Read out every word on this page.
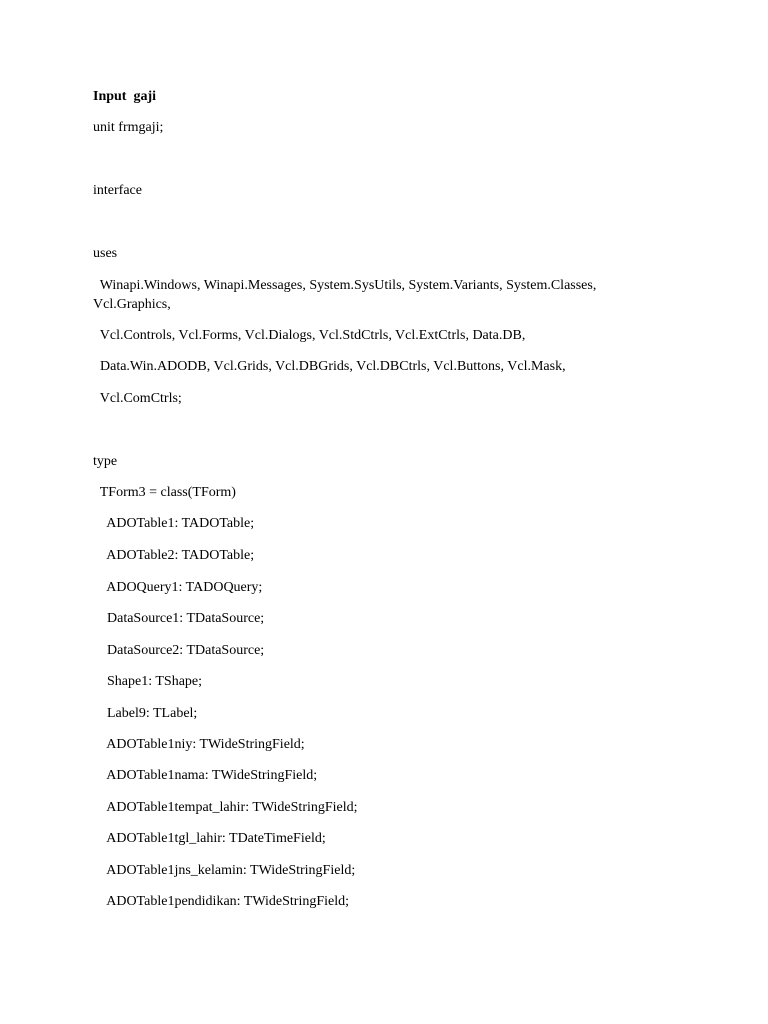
Input  gaji
unit frmgaji;
interface
uses
Winapi.Windows, Winapi.Messages, System.SysUtils, System.Variants, System.Classes,
Vcl.Graphics,
Vcl.Controls, Vcl.Forms, Vcl.Dialogs, Vcl.StdCtrls, Vcl.ExtCtrls, Data.DB,
Data.Win.ADODB, Vcl.Grids, Vcl.DBGrids, Vcl.DBCtrls, Vcl.Buttons, Vcl.Mask,
Vcl.ComCtrls;
type
TForm3 = class(TForm)
ADOTable1: TADOTable;
ADOTable2: TADOTable;
ADOQuery1: TADOQuery;
DataSource1: TDataSource;
DataSource2: TDataSource;
Shape1: TShape;
Label9: TLabel;
ADOTable1niy: TWideStringField;
ADOTable1nama: TWideStringField;
ADOTable1tempat_lahir: TWideStringField;
ADOTable1tgl_lahir: TDateTimeField;
ADOTable1jns_kelamin: TWideStringField;
ADOTable1pendidikan: TWideStringField;
